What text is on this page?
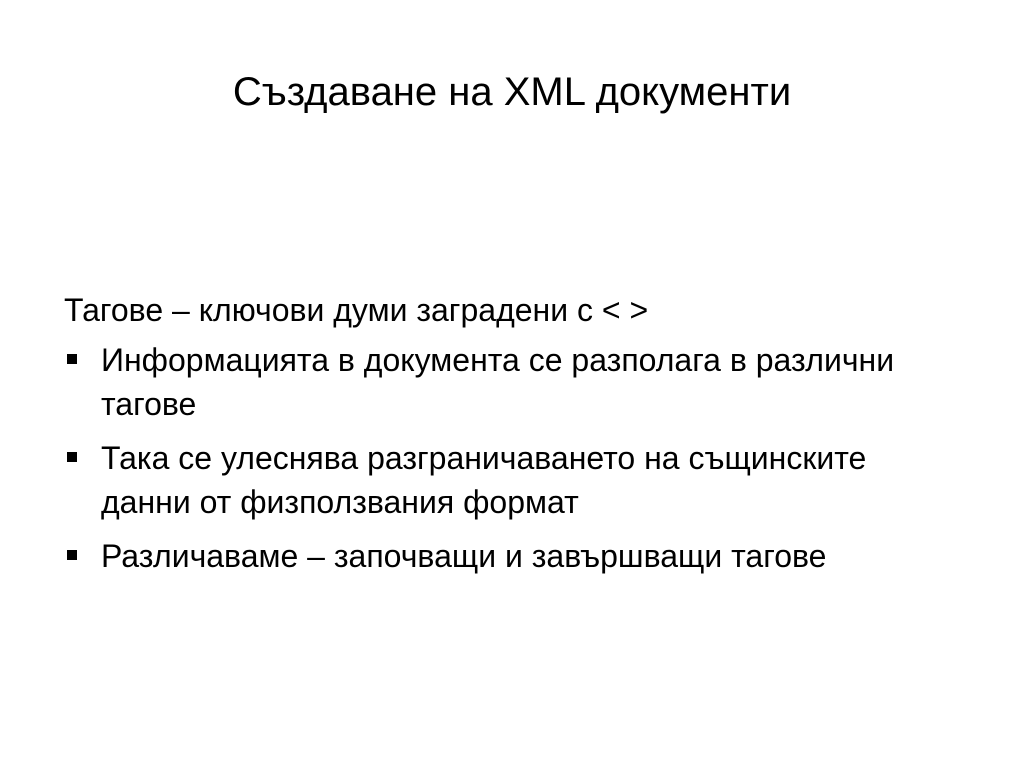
Създаване на XML документи
Тагове – ключови думи заградени с < >
Информацията в документа се разполага в различни тагове
Така се улеснява разграничаването на същинските данни от физползвания формат
Различаваме – започващи и завършващи тагове
